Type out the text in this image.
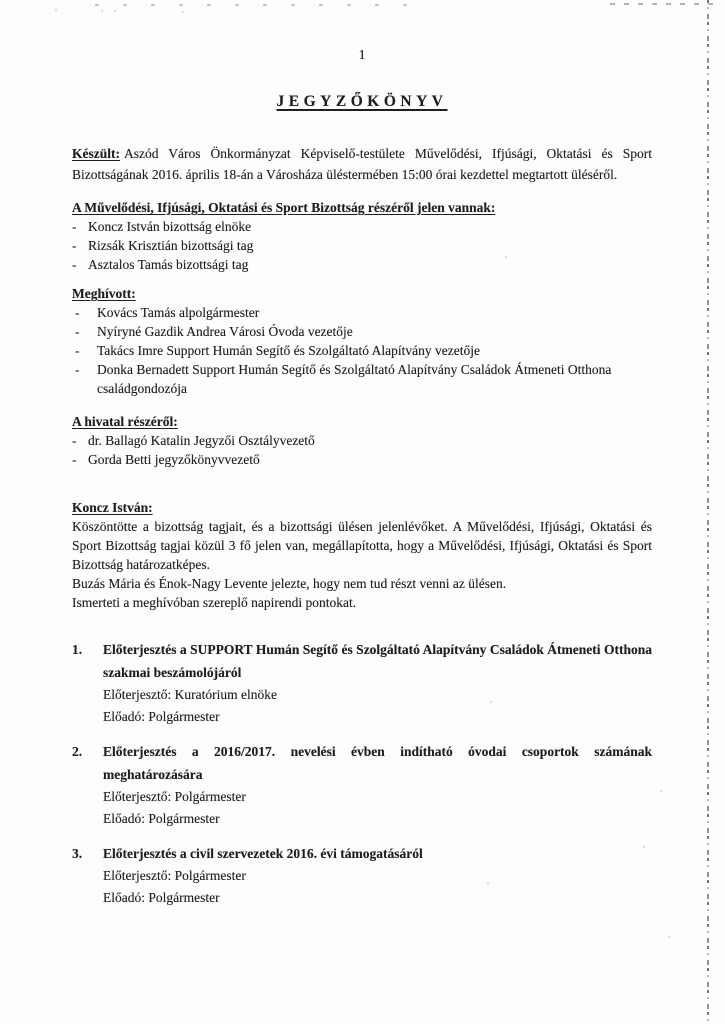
1
JEGYZŐKÖNYV

Készült: Aszód Város Önkormányzat Képviselő-testülete Művelődési, Ifjúsági, Oktatási és Sport Bizottságának 2016. április 18-án a Városháza üléstermében 15:00 órai kezdettel megtartott üléséről.

A Művelődési, Ifjúsági, Oktatási és Sport Bizottság részéről jelen vannak:
- Koncz István bizottság elnöke
- Rizsák Krisztián bizottsági tag
- Asztalos Tamás bizottsági tag
Meghívott:
-	Kovács Tamás alpolgármester
-	Nyíryné Gazdik Andrea Városi Óvoda vezetője
-	Takács Imre Support Humán Segítő és Szolgáltató Alapítvány vezetője
-	Donka Bernadett Support Humán Segítő és Szolgáltató Alapítvány Családok Átmeneti Otthona családgondozója
A hivatal részéről:
- dr. Ballagó Katalin Jegyzői Osztályvezető
- Gorda Betti jegyzőkönyvvezető
Koncz István:

Köszöntötte a bizottság tagjait, és a bizottsági ülésen jelenlévőket. A Művelődési, Ifjúsági, Oktatási és Sport Bizottság tagjai közül 3 fő jelen van, megállapította, hogy a Művelődési, Ifjúsági, Oktatási és Sport Bizottság határozatképes.

Buzás Mária és Énok-Nagy Levente jelezte, hogy nem tud részt venni az ülésen.

Ismerteti a meghívóban szereplő napirendi pontokat.

1.	Előterjesztés a SUPPORT Humán Segítő és Szolgáltató Alapítvány Családok Átmeneti Otthona szakmai beszámolójáról
Előterjesztő: Kuratórium elnöke
Előadó: Polgármester
2.	Előterjesztés a 2016/2017. nevelési évben indítható óvodai csoportok számának meghatározására
Előterjesztő: Polgármester
Előadó: Polgármester
3.	Előterjesztés a civil szervezetek 2016. évi támogatásáról
Előterjesztő: Polgármester
Előadó: Polgármester
